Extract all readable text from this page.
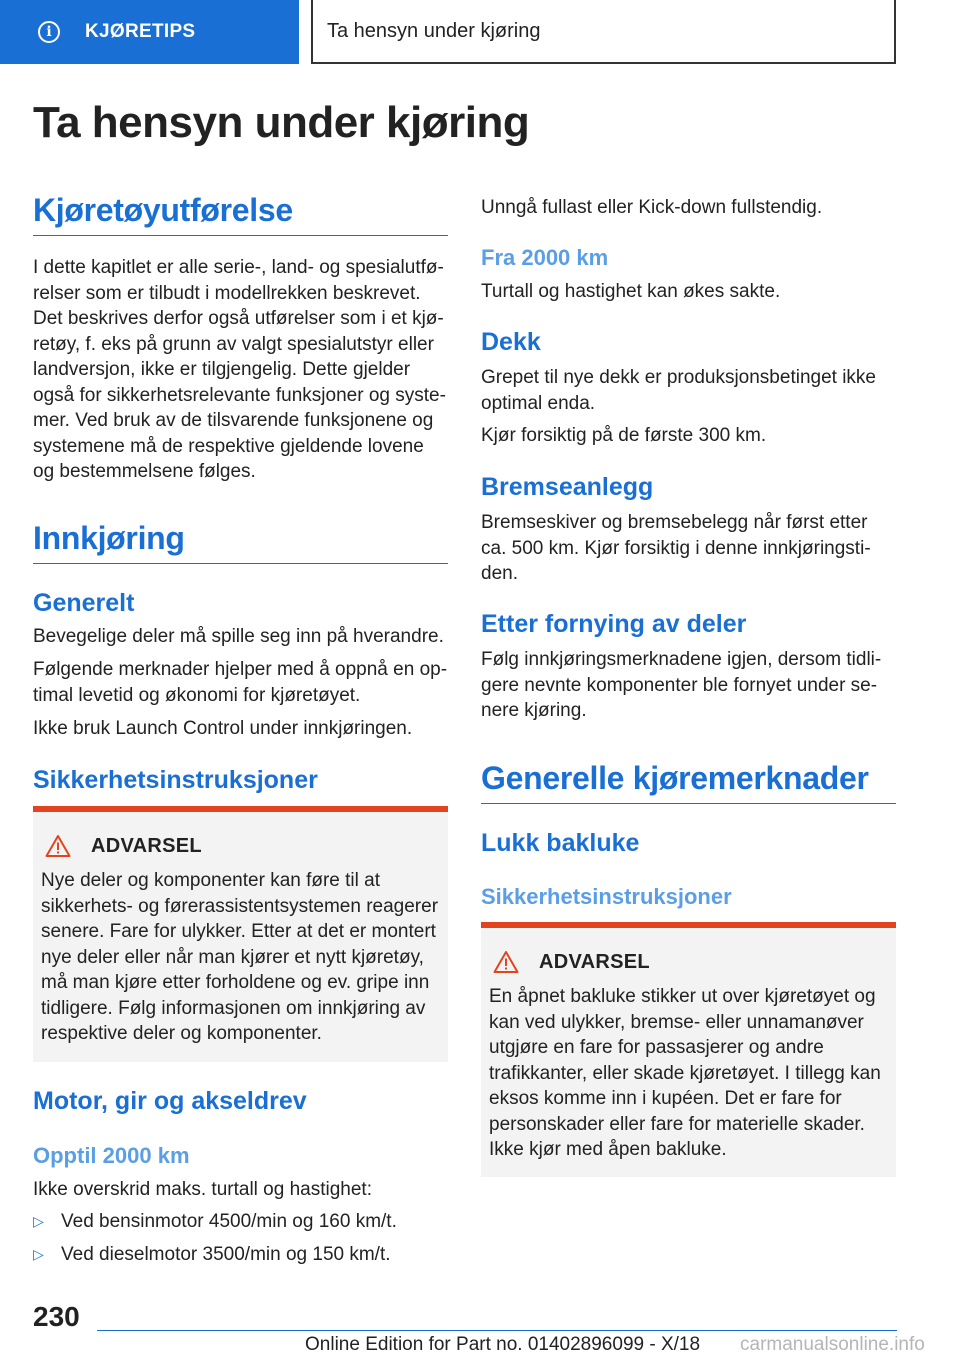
i	KJØRETIPS	Ta hensyn under kjøring
Ta hensyn under kjøring
Kjøretøyutførelse
I dette kapitlet er alle serie-, land- og spesialutførelser som er tilbudt i modellrekken beskrevet. Det beskrives derfor også utførelser som i et kjøretøy, f. eks på grunn av valgt spesialutstyr eller landversjon, ikke er tilgjengelig. Dette gjelder også for sikkerhetsrelevante funksjoner og systemer. Ved bruk av de tilsvarende funksjonene og systemene må de respektive gjeldende lovene og bestemmelsene følges.
Innkjøring
Generelt
Bevegelige deler må spille seg inn på hverandre.
Følgende merknader hjelper med å oppnå en optimal levetid og økonomi for kjøretøyet.
Ikke bruk Launch Control under innkjøringen.
Sikkerhetsinstruksjoner
ADVARSEL
Nye deler og komponenter kan føre til at sikkerhets- og førerassistentsystemen reagerer senere. Fare for ulykker. Etter at det er montert nye deler eller når man kjører et nytt kjøretøy, må man kjøre etter forholdene og ev. gripe inn tidligere. Følg informasjonen om innkjøring av respektive deler og komponenter.
Motor, gir og akseldrev
Opptil 2000 km
Ikke overskrid maks. turtall og hastighet:
▷ Ved bensinmotor 4500/min og 160 km/t.
▷ Ved dieselmotor 3500/min og 150 km/t.
Unngå fullast eller Kick-down fullstendig.
Fra 2000 km
Turtall og hastighet kan økes sakte.
Dekk
Grepet til nye dekk er produksjonsbetinget ikke optimal enda.
Kjør forsiktig på de første 300 km.
Bremseanlegg
Bremseskiver og bremsebelegg når først etter ca. 500 km. Kjør forsiktig i denne innkjøringstiden.
Etter fornying av deler
Følg innkjøringsmerknadene igjen, dersom tidligere nevnte komponenter ble fornyet under senere kjøring.
Generelle kjøremerknader
Lukk bakluke
Sikkerhetsinstruksjoner
ADVARSEL
En åpnet bakluke stikker ut over kjøretøyet og kan ved ulykker, bremse- eller unnamanøver utgjøre en fare for passasjerer og andre trafikkanter, eller skade kjøretøyet. I tillegg kan eksos komme inn i kupéen. Det er fare for personskader eller fare for materielle skader. Ikke kjør med åpen bakluke.
230
Online Edition for Part no. 01402896099 - X/18 carmanualsonline.info
